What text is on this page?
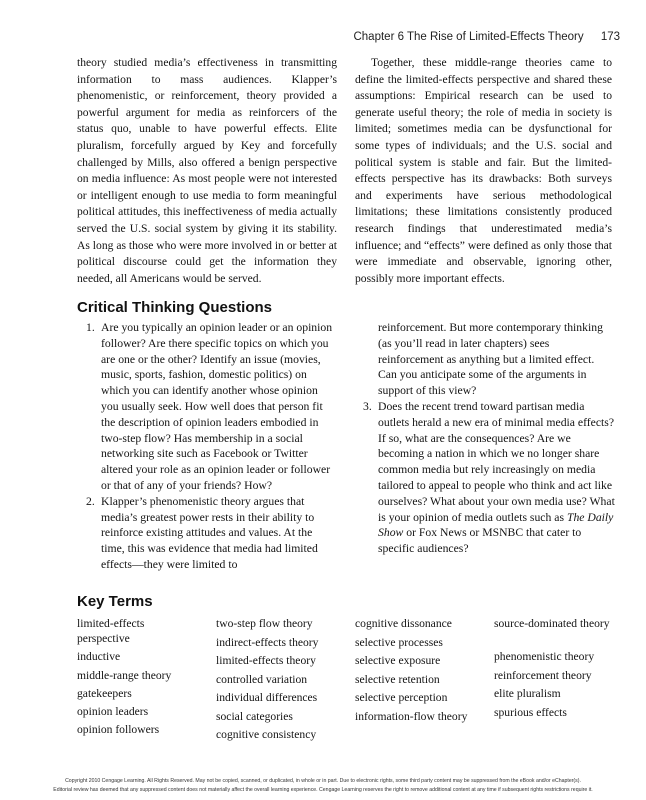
Chapter 6 The Rise of Limited-Effects Theory 173

theory studied media’s effectiveness in transmitting information to mass audiences. Klapper’s phenomenistic, or reinforcement, theory provided a powerful argument for media as reinforcers of the status quo, unable to have powerful effects. Elite pluralism, forcefully argued by Key and forcefully challenged by Mills, also offered a benign perspective on media influence: As most people were not interested or intelligent enough to use media to form meaningful political attitudes, this ineffectiveness of media actually served the U.S. social system by giving it its stability. As long as those who were more involved in or better at political discourse could get the information they needed, all Americans would be served.

Together, these middle-range theories came to define the limited-effects perspective and shared these assumptions: Empirical research can be used to generate useful theory; the role of media in society is limited; sometimes media can be dysfunctional for some types of individuals; and the U.S. social and political system is stable and fair. But the limited-effects perspective has its drawbacks: Both surveys and experiments have serious methodological limitations; these limitations consistently produced research findings that underestimated media’s influence; and “effects” were defined as only those that were immediate and observable, ignoring other, possibly more important effects.

Critical Thinking Questions

1. Are you typically an opinion leader or an opinion follower? Are there specific topics on which you are one or the other? Identify an issue (movies, music, sports, fashion, domestic politics) on which you can identify another whose opinion you usually seek. How well does that person fit the description of opinion leaders embodied in two-step flow? Has membership in a social networking site such as Facebook or Twitter altered your role as an opinion leader or follower or that of any of your friends? How?

2. Klapper’s phenomenistic theory argues that media’s greatest power rests in their ability to reinforce existing attitudes and values. At the time, this was evidence that media had limited effects—they were limited to

reinforcement. But more contemporary thinking (as you’ll read in later chapters) sees reinforcement as anything but a limited effect. Can you anticipate some of the arguments in support of this view?

3. Does the recent trend toward partisan media outlets herald a new era of minimal media effects? If so, what are the consequences? Are we becoming a nation in which we no longer share common media but rely increasingly on media tailored to appeal to people who think and act like ourselves? What about your own media use? What is your opinion of media outlets such as The Daily Show or Fox News or MSNBC that cater to specific audiences?

Key Terms
limited-effects perspective
inductive
middle-range theory
gatekeepers
opinion leaders
opinion followers
two-step flow theory
indirect-effects theory
limited-effects theory
controlled variation
individual differences
social categories
cognitive consistency
cognitive dissonance
selective processes
selective exposure
selective retention
selective perception
information-flow theory
source-dominated theory
phenomenistic theory
reinforcement theory
elite pluralism
spurious effects
Copyright 2010 Cengage Learning. All Rights Reserved. May not be copied, scanned, or duplicated, in whole or in part. Due to electronic rights, some third party content may be suppressed from the eBook and/or eChapter(s).
Editorial review has deemed that any suppressed content does not materially affect the overall learning experience. Cengage Learning reserves the right to remove additional content at any time if subsequent rights restrictions require it.
